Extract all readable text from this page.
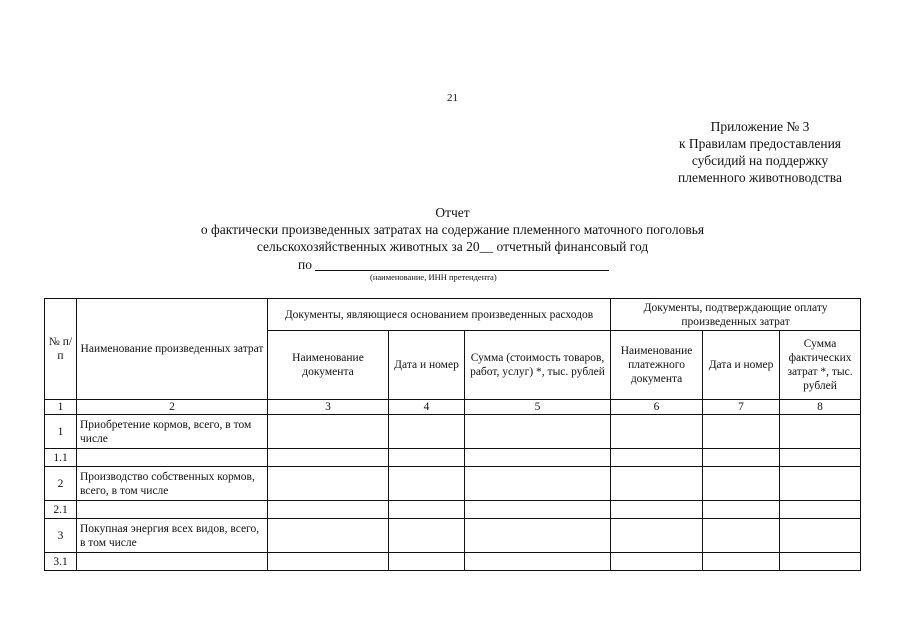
21
Приложение № 3
к Правилам предоставления
субсидий на поддержку
племенного животноводства
Отчет
о фактически произведенных затратах на содержание племенного маточного поголовья
сельскохозяйственных животных за 20__ отчетный финансовый год
по
(наименование, ИНН претендента)
№ п/п	Наименование произведенных затрат	Документы, являющиеся основанием произведенных расходов			Документы, подтверждающие оплату произведенных затрат		
		Наименование документа	Дата и номер	Сумма (стоимость товаров, работ, услуг) *, тыс. рублей	Наименование платежного документа	Дата и номер	Сумма фактических затрат *, тыс. рублей
1	2	3	4	5	6	7	8
1	Приобретение кормов, всего, в том числе						
1.1							
2	Производство собственных кормов, всего, в том числе						
2.1							
3	Покупная энергия всех видов, всего, в том числе						
3.1							
